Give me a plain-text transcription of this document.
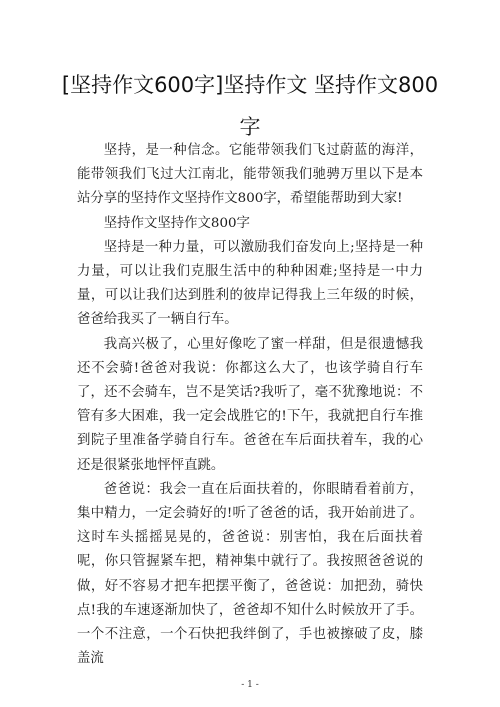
[坚持作文600字]坚持作文 坚持作文800字

坚持，是一种信念。它能带领我们飞过蔚蓝的海洋，能带领我们飞过大江南北，能带领我们驰骋万里以下是本站分享的坚持作文坚持作文800字，希望能帮助到大家!

坚持作文坚持作文800字

坚持是一种力量，可以激励我们奋发向上;坚持是一种力量，可以让我们克服生活中的种种困难;坚持是一中力量，可以让我们达到胜利的彼岸记得我上三年级的时候，爸爸给我买了一辆自行车。

我高兴极了，心里好像吃了蜜一样甜，但是很遗憾我还不会骑!爸爸对我说：你都这么大了，也该学骑自行车了，还不会骑车，岂不是笑话?我听了，毫不犹豫地说：不管有多大困难，我一定会战胜它的!下午，我就把自行车推到院子里准备学骑自行车。爸爸在车后面扶着车，我的心还是很紧张地怦怦直跳。

爸爸说：我会一直在后面扶着的，你眼睛看着前方，集中精力，一定会骑好的!听了爸爸的话，我开始前进了。这时车头摇摇晃晃的，爸爸说：别害怕，我在后面扶着呢，你只管握紧车把，精神集中就行了。我按照爸爸说的做，好不容易才把车把摆平衡了，爸爸说：加把劲，骑快点!我的车速逐渐加快了，爸爸却不知什么时候放开了手。一个不注意，一个石快把我绊倒了，手也被擦破了皮，膝盖流

- 1 -
